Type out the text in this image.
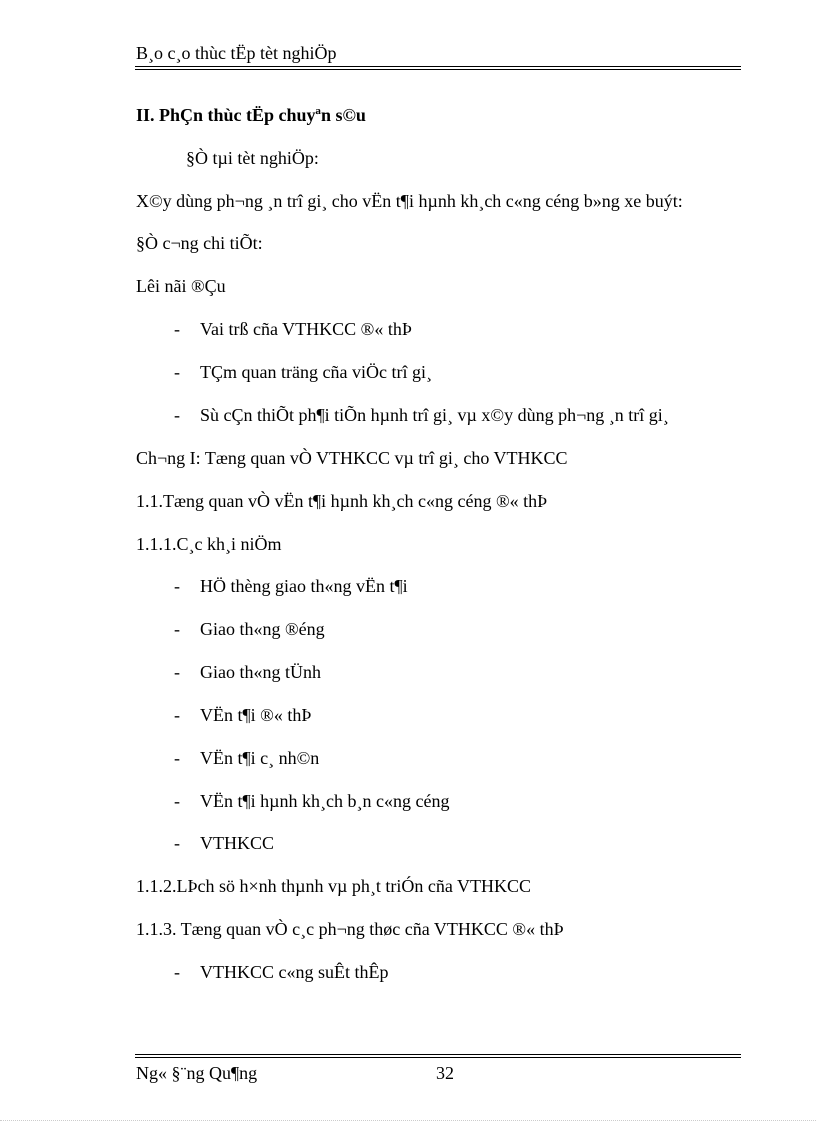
B¸o c¸o thùc tËp tèt nghiÖp
II. PhÇn thùc tËp chuyªn s©u
§Ò tµi tèt nghiÖp:
X©y dùng ph¬ng ¸n trî gi¸ cho vËn t¶i hµnh kh¸ch c«ng céng b»ng xe buýt:
§Ò c¬ng chi tiÕt:
Lêi nãi ®Çu
- Vai trß cña VTHKCC ®« thÞ
- TÇm quan träng cña viÖc trî gi¸
- Sù cÇn thiÕt ph¶i tiÕn hµnh trî gi¸ vµ x©y dùng ph¬ng ¸n trî gi¸
Ch¬ng I: Tæng quan vÒ VTHKCC vµ trî gi¸ cho VTHKCC
1.1.Tæng quan vÒ vËn t¶i hµnh kh¸ch c«ng céng ®« thÞ
1.1.1.C¸c kh¸i niÖm
- HÖ thèng giao th«ng vËn t¶i
- Giao th«ng ®éng
- Giao th«ng tÜnh
- VËn t¶i ®« thÞ
- VËn t¶i c¸ nh©n
- VËn t¶i hµnh kh¸ch b¸n c«ng céng
- VTHKCC
1.1.2.LÞch sö h×nh thµnh vµ ph¸t triÓn cña VTHKCC
1.1.3. Tæng quan vÒ c¸c ph¬ng thøc cña VTHKCC ®« thÞ
- VTHKCC c«ng suÊt thÊp
Ng« §¨ng Qu¶ng	32
